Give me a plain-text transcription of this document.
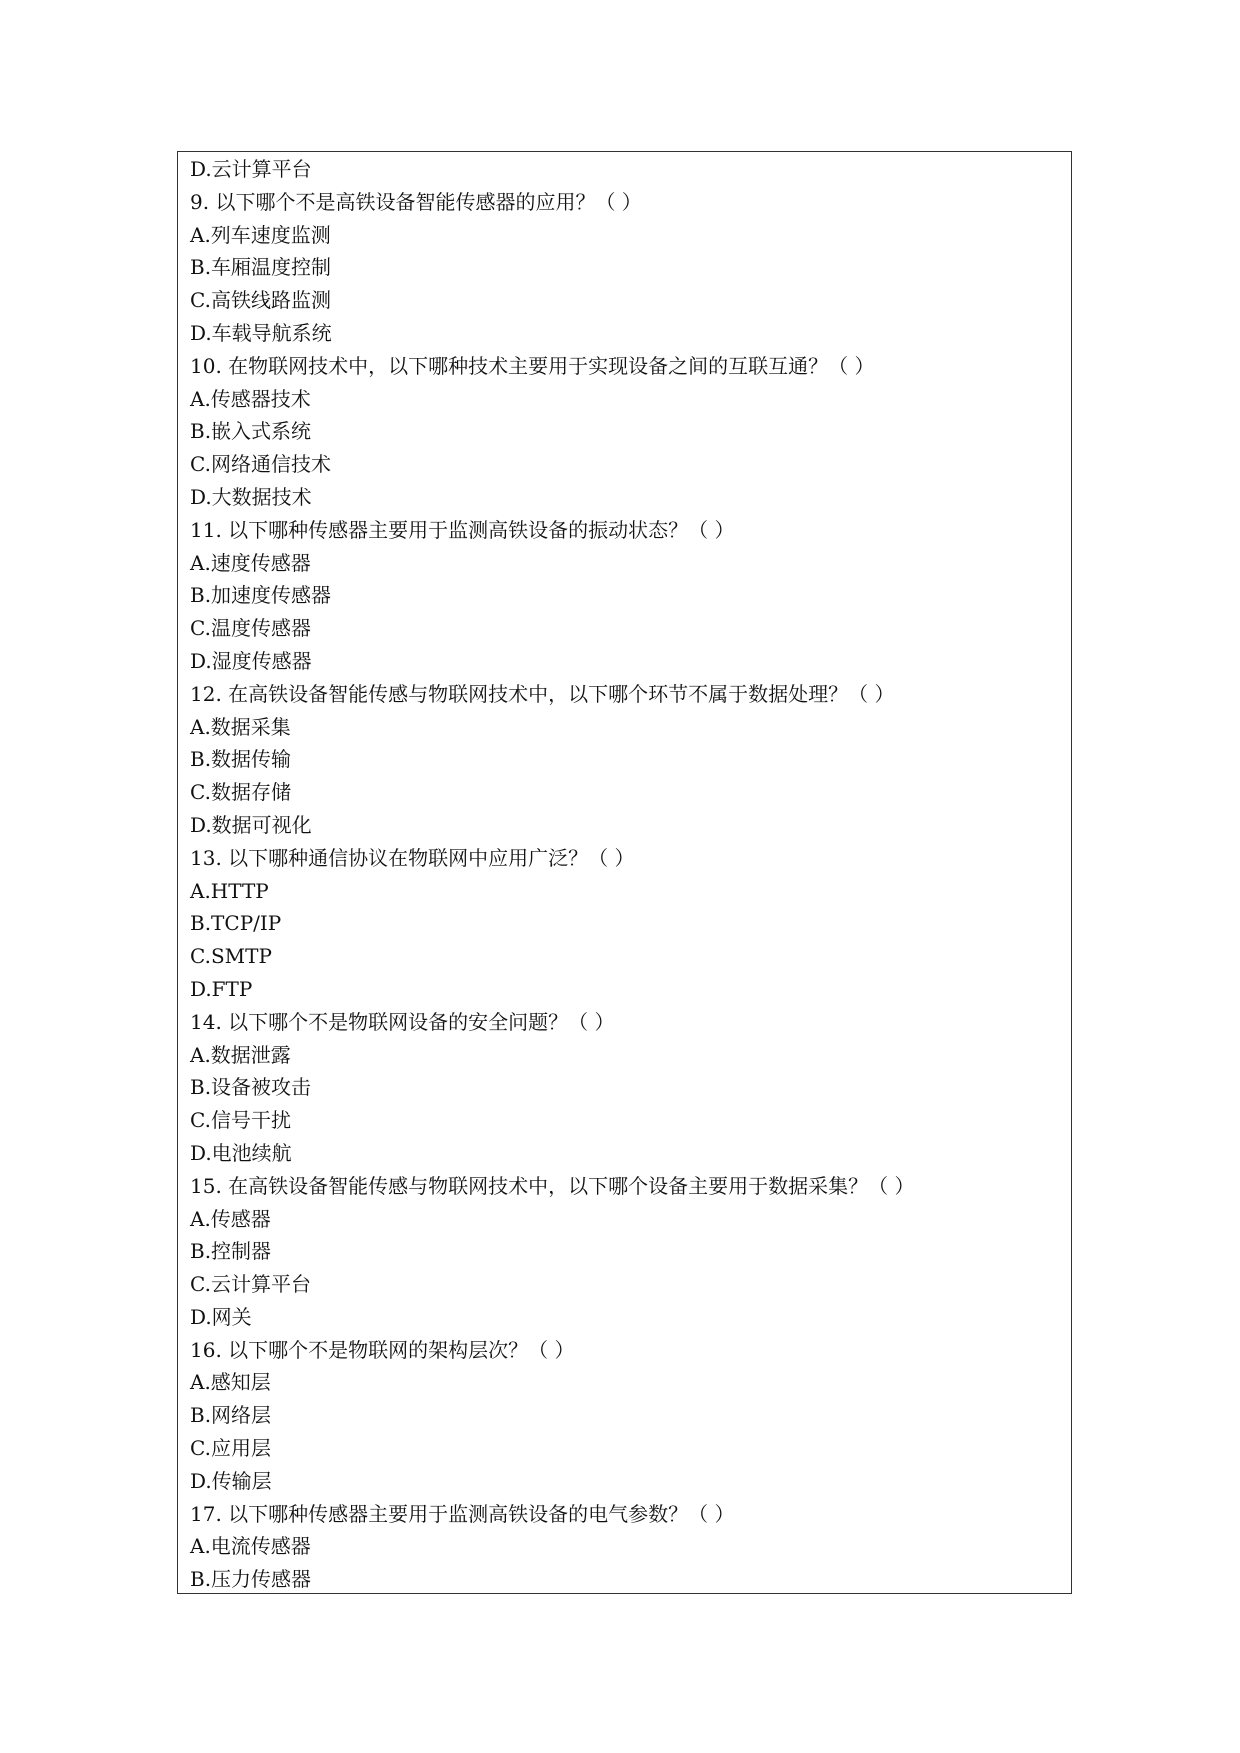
D.云计算平台
9. 以下哪个不是高铁设备智能传感器的应用？（ ）
A.列车速度监测
B.车厢温度控制
C.高铁线路监测
D.车载导航系统
10. 在物联网技术中，以下哪种技术主要用于实现设备之间的互联互通？（ ）
A.传感器技术
B.嵌入式系统
C.网络通信技术
D.大数据技术
11. 以下哪种传感器主要用于监测高铁设备的振动状态？（ ）
A.速度传感器
B.加速度传感器
C.温度传感器
D.湿度传感器
12. 在高铁设备智能传感与物联网技术中，以下哪个环节不属于数据处理？（ ）
A.数据采集
B.数据传输
C.数据存储
D.数据可视化
13. 以下哪种通信协议在物联网中应用广泛？（ ）
A.HTTP
B.TCP/IP
C.SMTP
D.FTP
14. 以下哪个不是物联网设备的安全问题？（ ）
A.数据泄露
B.设备被攻击
C.信号干扰
D.电池续航
15. 在高铁设备智能传感与物联网技术中，以下哪个设备主要用于数据采集？（ ）
A.传感器
B.控制器
C.云计算平台
D.网关
16. 以下哪个不是物联网的架构层次？（ ）
A.感知层
B.网络层
C.应用层
D.传输层
17. 以下哪种传感器主要用于监测高铁设备的电气参数？（ ）
A.电流传感器
B.压力传感器
